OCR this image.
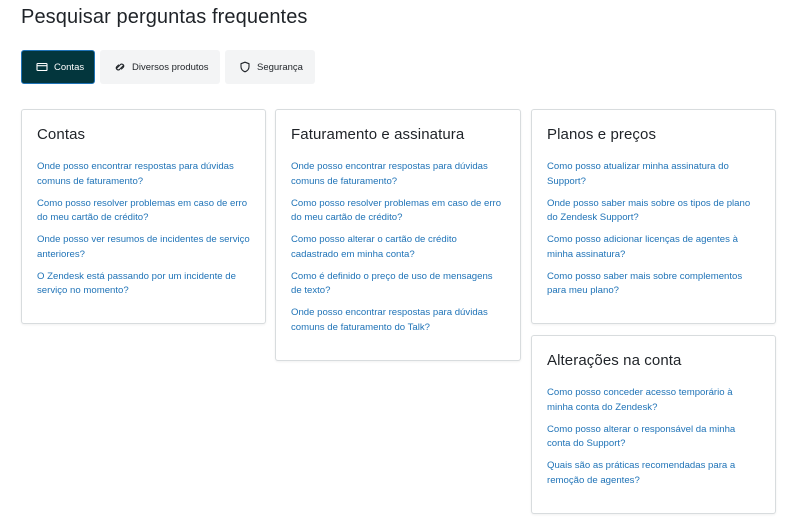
Pesquisar perguntas frequentes
Contas	Diversos produtos	Segurança
Contas
Onde posso encontrar respostas para dúvidas comuns de faturamento?
Como posso resolver problemas em caso de erro do meu cartão de crédito?
Onde posso ver resumos de incidentes de serviço anteriores?
O Zendesk está passando por um incidente de serviço no momento?
Faturamento e assinatura
Onde posso encontrar respostas para dúvidas comuns de faturamento?
Como posso resolver problemas em caso de erro do meu cartão de crédito?
Como posso alterar o cartão de crédito cadastrado em minha conta?
Como é definido o preço de uso de mensagens de texto?
Onde posso encontrar respostas para dúvidas comuns de faturamento do Talk?
Planos e preços
Como posso atualizar minha assinatura do Support?
Onde posso saber mais sobre os tipos de plano do Zendesk Support?
Como posso adicionar licenças de agentes à minha assinatura?
Como posso saber mais sobre complementos para meu plano?
Alterações na conta
Como posso conceder acesso temporário à minha conta do Zendesk?
Como posso alterar o responsável da minha conta do Support?
Quais são as práticas recomendadas para a remoção de agentes?
